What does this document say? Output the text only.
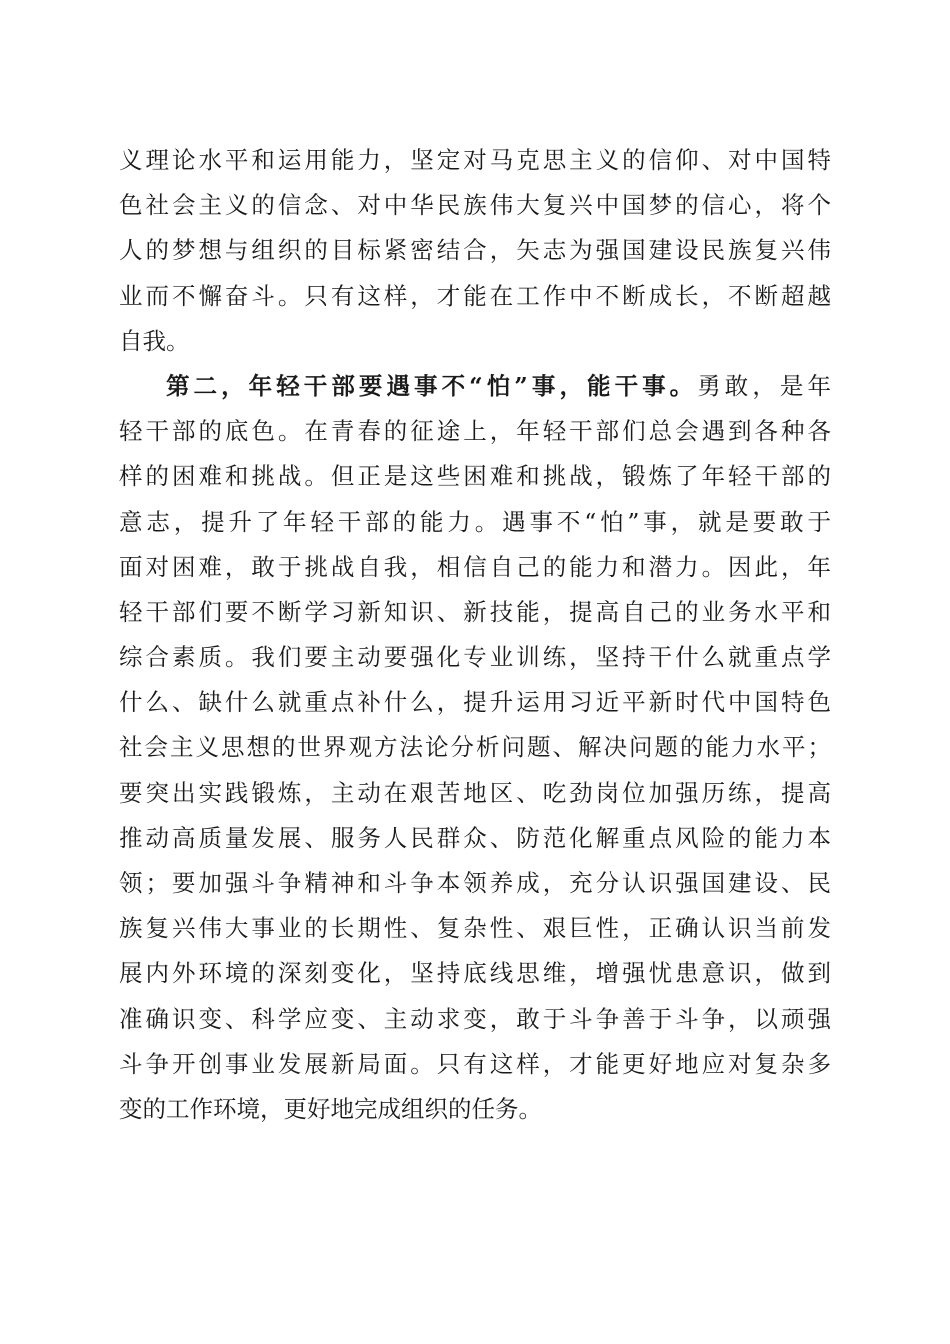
义理论水平和运用能力，坚定对马克思主义的信仰、对中国特
色社会主义的信念、对中华民族伟大复兴中国梦的信心，将个
人的梦想与组织的目标紧密结合，矢志为强国建设民族复兴伟
业而不懈奋斗。只有这样，才能在工作中不断成长，不断超越
自我。
第二，年轻干部要遇事不“怕”事，能干事。勇敢，是年
轻干部的底色。在青春的征途上，年轻干部们总会遇到各种各
样的困难和挑战。但正是这些困难和挑战，锻炼了年轻干部的
意志，提升了年轻干部的能力。遇事不“怕”事，就是要敢于
面对困难，敢于挑战自我，相信自己的能力和潜力。因此，年
轻干部们要不断学习新知识、新技能，提高自己的业务水平和
综合素质。我们要主动要强化专业训练，坚持干什么就重点学
什么、缺什么就重点补什么，提升运用习近平新时代中国特色
社会主义思想的世界观方法论分析问题、解决问题的能力水平；
要突出实践锻炼，主动在艰苦地区、吃劲岗位加强历练，提高
推动高质量发展、服务人民群众、防范化解重点风险的能力本
领；要加强斗争精神和斗争本领养成，充分认识强国建设、民
族复兴伟大事业的长期性、复杂性、艰巨性，正确认识当前发
展内外环境的深刻变化，坚持底线思维，增强忧患意识，做到
准确识变、科学应变、主动求变，敢于斗争善于斗争，以顽强
斗争开创事业发展新局面。只有这样，才能更好地应对复杂多
变的工作环境，更好地完成组织的任务。
